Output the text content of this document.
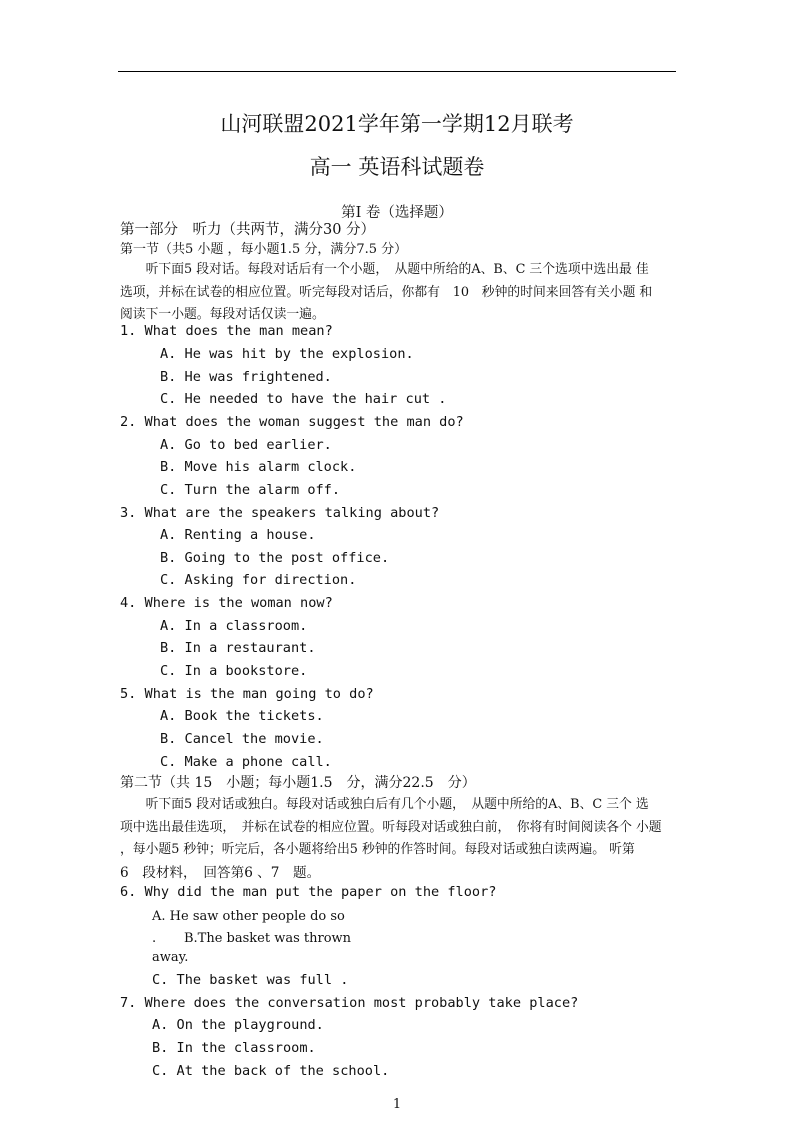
山河联盟2021学年第一学期12月联考
高一 英语科试题卷
第I 卷（选择题）
第一部分　听力（共两节，满分30 分）
第一节（共5 小题 ，每小题1.5 分，满分7.5 分）

　　听下面5 段对话。每段对话后有一个小题，　从题中所给的A、B、C 三个选项中选出最 佳

选项，并标在试卷的相应位置。听完每段对话后，你都有　10　秒钟的时间来回答有关小题 和

阅读下一小题。每段对话仅读一遍。

1. What does the man mean?
A. He was hit by the explosion.
B. He was frightened.
C. He needed to have the hair cut .
2. What does the woman suggest the man do?
A. Go to bed earlier.
B. Move his alarm clock.
C. Turn the alarm off.
3. What are the speakers talking about?
A. Renting a house.
B. Going to the post office.
C. Asking for direction.
4. Where is the woman now?
A. In a classroom.
B. In a restaurant.
C. In a bookstore.
5. What is the man going to do?
A. Book the tickets.
B. Cancel the movie.
C. Make a phone call.
第二节（共 15　小题；每小题1.5　分，满分22.5　分）

　　听下面5 段对话或独白。每段对话或独白后有几个小题，　从题中所给的A、B、C 三个 选

项中选出最佳选项，　并标在试卷的相应位置。听每段对话或独白前，　你将有时间阅读各个 小题

，每小题5 秒钟；听完后，各小题将给出5 秒钟的作答时间。每段对话或独白读两遍。 听第

6　段材料，　回答第6 、7　题。

6. Why did the man put the paper on the floor?
A. He saw other people do so
. B.The basket was thrown
away.
C. The basket was full .
7. Where does the conversation most probably take place?
A. On the playground.
B. In the classroom.
C. At the back of the school.
1
